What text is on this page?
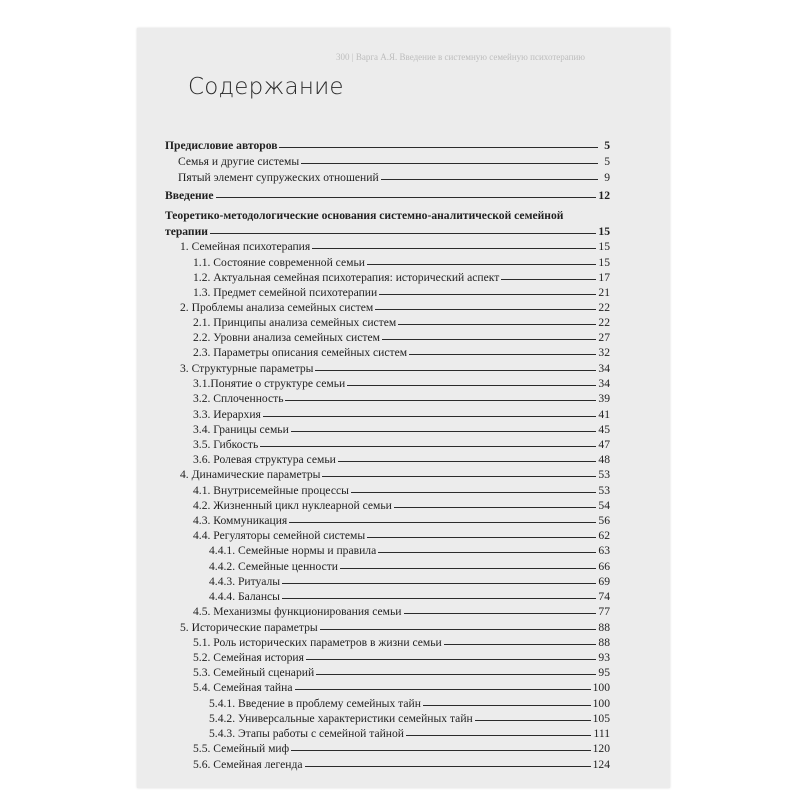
300 | Варга А.Я. Введение в системную семейную психотерапию
Содержание
Предисловие авторов	5
Семья и другие системы	5
Пятый элемент супружеских отношений	9
Введение	12
Теоретико-методологические основания системно-аналитической семейной
терапии	15
1. Семейная психотерапия	15
1.1. Состояние современной семьи	15
1.2. Актуальная семейная психотерапия: исторический аспект	17
1.3. Предмет семейной психотерапии	21
2. Проблемы анализа семейных систем	22
2.1. Принципы анализа семейных систем	22
2.2. Уровни анализа семейных систем	27
2.3. Параметры описания семейных систем	32
3. Структурные параметры	34
3.1.Понятие о структуре семьи	34
3.2. Сплоченность	39
3.3. Иерархия	41
3.4. Границы семьи	45
3.5. Гибкость	47
3.6. Ролевая структура семьи	48
4. Динамические параметры	53
4.1. Внутрисемейные процессы	53
4.2. Жизненный цикл нуклеарной семьи	54
4.3. Коммуникация	56
4.4. Регуляторы семейной системы	62
4.4.1. Семейные нормы и правила	63
4.4.2. Семейные ценности	66
4.4.3. Ритуалы	69
4.4.4. Балансы	74
4.5. Механизмы функционирования семьи	77
5. Исторические параметры	88
5.1. Роль исторических параметров в жизни семьи	88
5.2. Семейная история	93
5.3. Семейный сценарий	95
5.4. Семейная тайна	100
5.4.1. Введение в проблему семейных тайн	100
5.4.2. Универсальные характеристики семейных тайн	105
5.4.3. Этапы работы с семейной тайной	111
5.5. Семейный миф	120
5.6. Семейная легенда	124
